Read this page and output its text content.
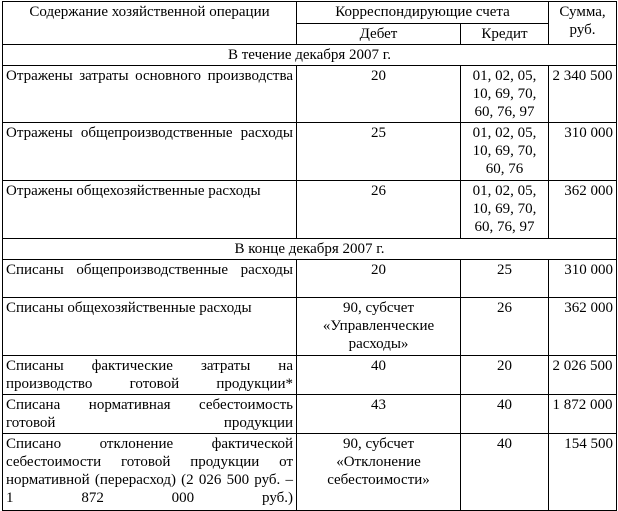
Содержание хозяйственной операции	Корреспондирующие счета		Сумма, руб.
	Дебет	Кредит	
В течение декабря 2007 г.			
Отражены затраты основного производства	20	01, 02, 05, 10, 69, 70, 60, 76, 97	2 340 500
Отражены общепроизводственные расходы	25	01, 02, 05, 10, 69, 70, 60, 76	310 000
Отражены общехозяйственные расходы	26	01, 02, 05, 10, 69, 70, 60, 76, 97	362 000
В конце декабря 2007 г.			
Списаны общепроизводственные расходы	20	25	310 000
Списаны общехозяйственные расходы	90, субсчет «Управленческие расходы»	26	362 000
Списаны фактические затраты на производство готовой продукции*	40	20	2 026 500
Списана нормативная себестоимость готовой продукции	43	40	1 872 000
Списано отклонение фактической себестоимости готовой продукции от нормативной (перерасход) (2 026 500 руб. – 1 872 000 руб.)	90, субсчет «Отклонение себестоимости»	40	154 500
